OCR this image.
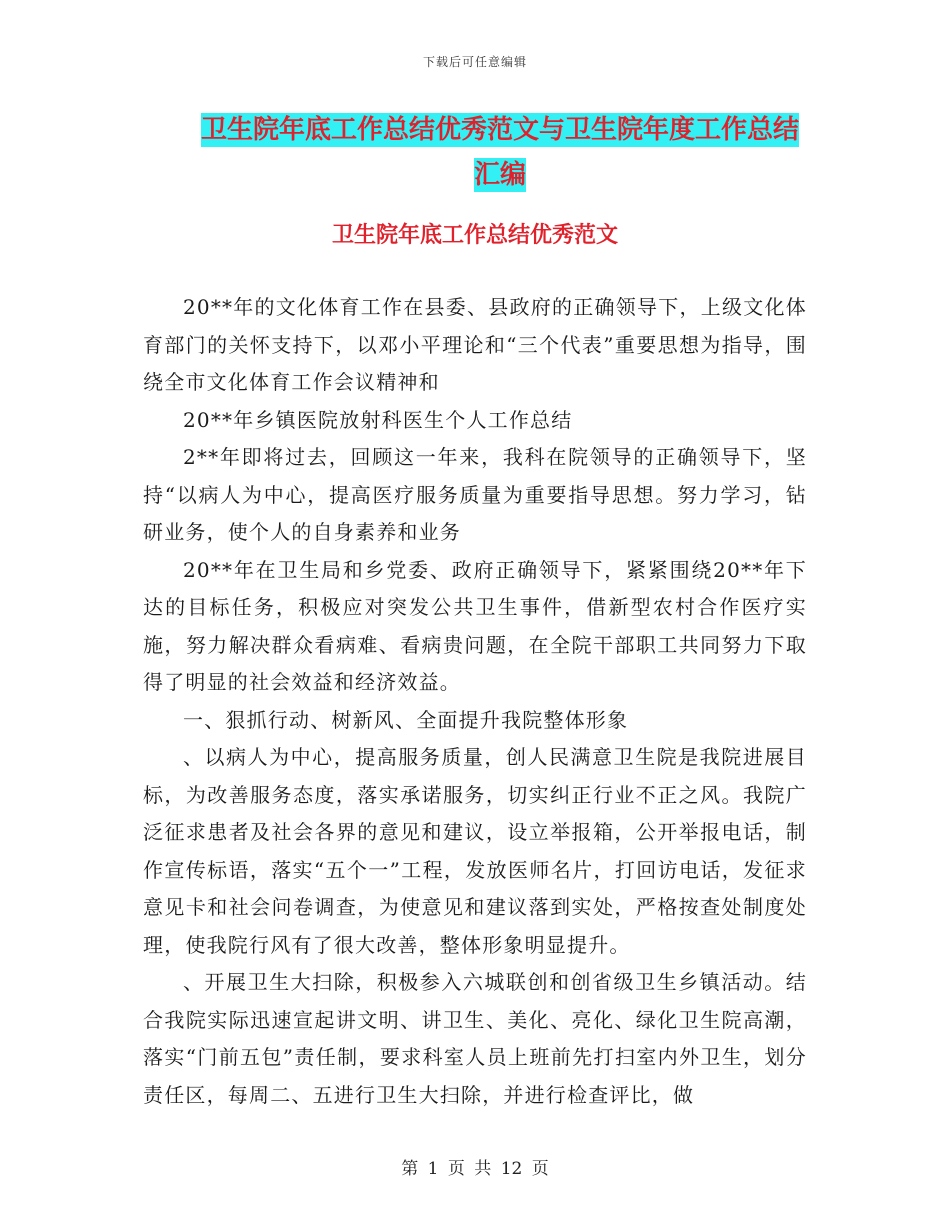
下载后可任意编辑
卫生院年底工作总结优秀范文与卫生院年度工作总结汇编
卫生院年底工作总结优秀范文

20**年的文化体育工作在县委、县政府的正确领导下，上级文化体育部门的关怀支持下，以邓小平理论和“三个代表”重要思想为指导，围绕全市文化体育工作会议精神和

20**年乡镇医院放射科医生个人工作总结

2**年即将过去，回顾这一年来，我科在院领导的正确领导下，坚持“以病人为中心，提高医疗服务质量为重要指导思想。努力学习，钻研业务，使个人的自身素养和业务

20**年在卫生局和乡党委、政府正确领导下，紧紧围绕20**年下达的目标任务，积极应对突发公共卫生事件，借新型农村合作医疗实施，努力解决群众看病难、看病贵问题，在全院干部职工共同努力下取得了明显的社会效益和经济效益。

一、狠抓行动、树新风、全面提升我院整体形象

、以病人为中心，提高服务质量，创人民满意卫生院是我院进展目标，为改善服务态度，落实承诺服务，切实纠正行业不正之风。我院广泛征求患者及社会各界的意见和建议，设立举报箱，公开举报电话，制作宣传标语，落实“五个一”工程，发放医师名片，打回访电话，发征求意见卡和社会问卷调查，为使意见和建议落到实处，严格按查处制度处理，使我院行风有了很大改善，整体形象明显提升。

、开展卫生大扫除，积极参入六城联创和创省级卫生乡镇活动。结合我院实际迅速宣起讲文明、讲卫生、美化、亮化、绿化卫生院高潮，落实“门前五包”责任制，要求科室人员上班前先打扫室内外卫生，划分责任区，每周二、五进行卫生大扫除，并进行检查评比，做

第 1 页 共 12 页
